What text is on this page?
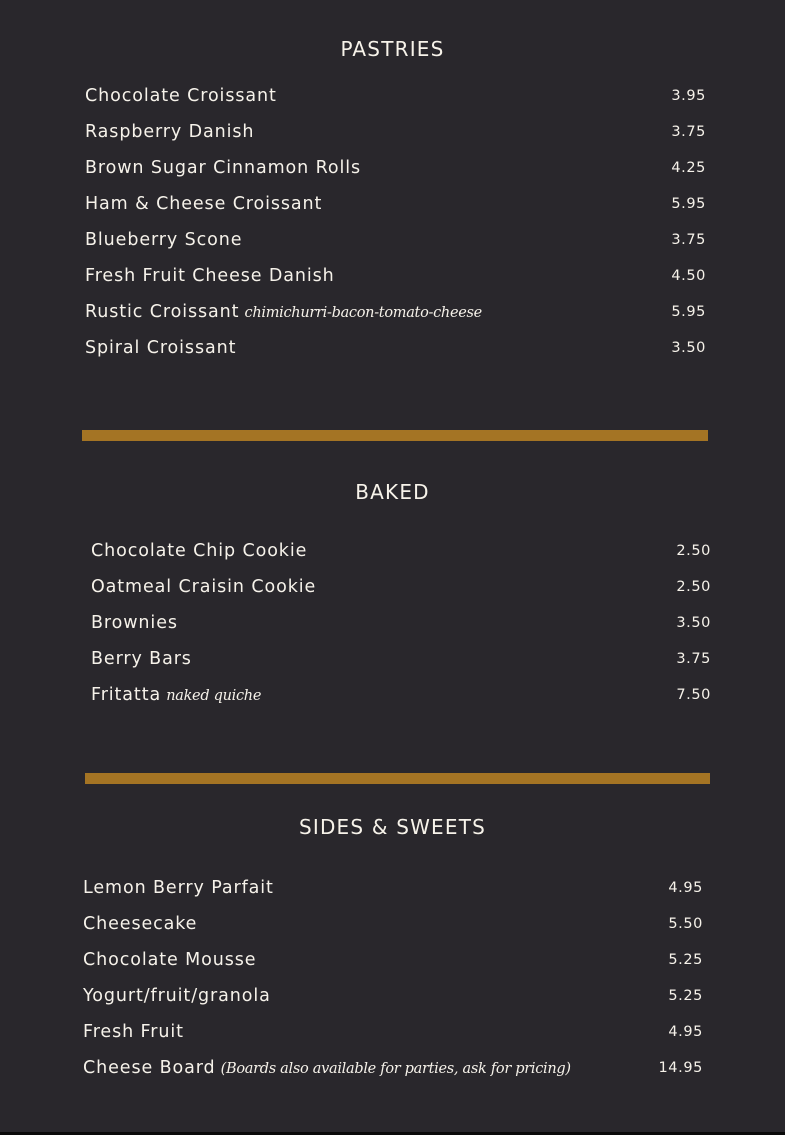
PASTRIES
Chocolate Croissant	3.95
Raspberry Danish	3.75
Brown Sugar Cinnamon Rolls	4.25
Ham & Cheese Croissant	5.95
Blueberry Scone	3.75
Fresh Fruit Cheese Danish	4.50
Rustic Croissant chimichurri-bacon-tomato-cheese	5.95
Spiral Croissant	3.50
BAKED
Chocolate Chip Cookie	2.50
Oatmeal Craisin Cookie	2.50
Brownies	3.50
Berry Bars	3.75
Fritatta naked quiche	7.50
SIDES & SWEETS
Lemon Berry Parfait	4.95
Cheesecake	5.50
Chocolate Mousse	5.25
Yogurt/fruit/granola	5.25
Fresh Fruit	4.95
Cheese Board (Boards also available for parties, ask for pricing)	14.95
